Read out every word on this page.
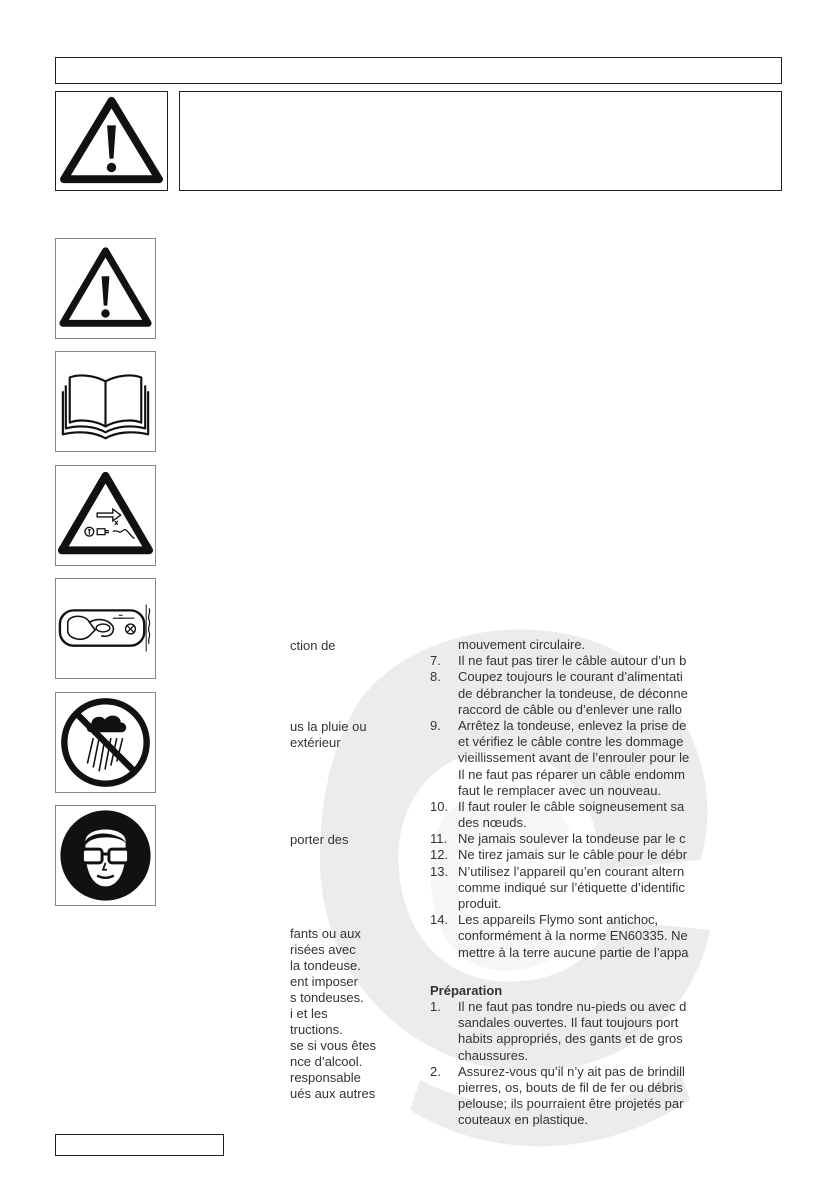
ction de
us la pluie ou
extérieur
porter des
fants ou aux
risées avec
la tondeuse.
ent imposer
s tondeuses.
i et les
tructions.
se si vous êtes
nce d’alcool.
responsable
ués aux autres
mouvement circulaire.
7.	Il ne faut pas tirer le câble autour d’un b
8.	Coupez toujours le courant d’alimentati
de débrancher la tondeuse, de déconne
raccord de câble ou d’enlever une rallo
9.	Arrêtez la tondeuse, enlevez la prise de
et vérifiez le câble contre les dommage
vieillissement avant de l’enrouler pour le
Il ne faut pas réparer un câble endomm
faut le remplacer avec un nouveau.
10. Il faut rouler le câble soigneusement sa
des nœuds.
11. Ne jamais soulever la tondeuse par le c
12. Ne tirez jamais sur le câble pour le débr
13. N’utilisez l’appareil qu’en courant altern
comme indiqué sur l’étiquette d’identific
produit.
14. Les appareils Flymo sont antichoc,
conformément à la norme EN60335. Ne
mettre à la terre aucune partie de l’appa
Préparation
1.	Il ne faut pas tondre nu-pieds ou avec d
sandales ouvertes. Il faut toujours port
habits appropriés, des gants et de gros
chaussures.
2.	Assurez-vous qu’il n’y ait pas de brindill
pierres, os, bouts de fil de fer ou débris
pelouse; ils pourraient être projetés par
couteaux en plastique.
